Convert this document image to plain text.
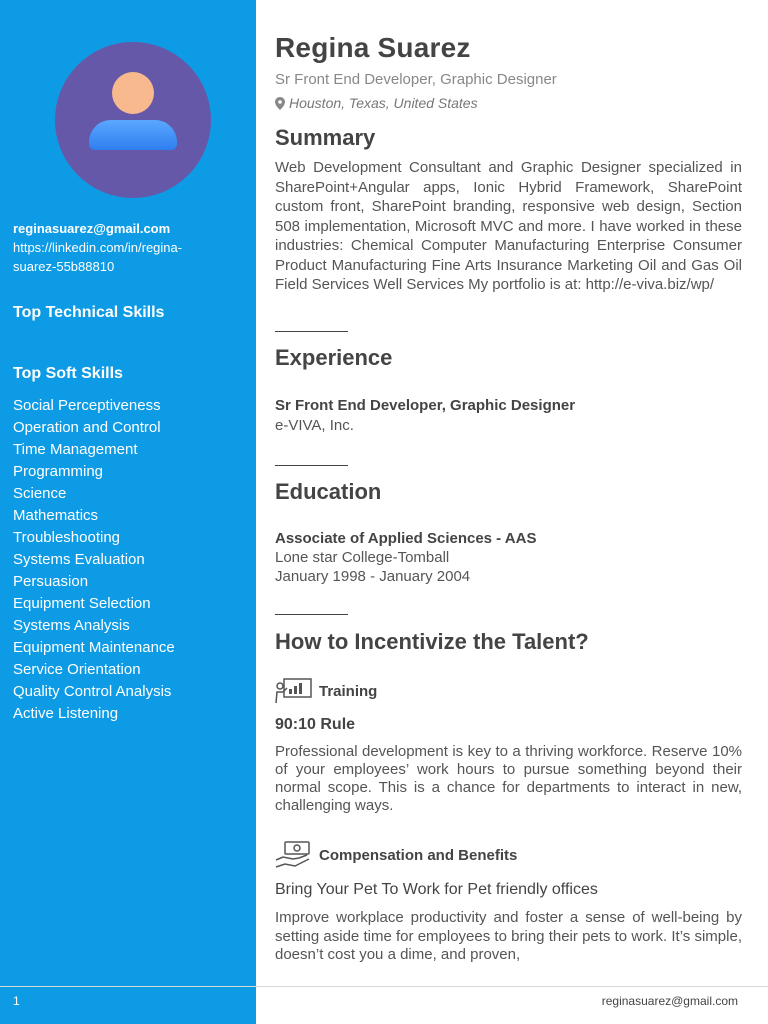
reginasuarez@gmail.com
https://linkedin.com/in/regina-
suarez-55b88810
Top Technical Skills
Top Soft Skills
Social Perceptiveness
Operation and Control
Time Management
Programming
Science
Mathematics
Troubleshooting
Systems Evaluation
Persuasion
Equipment Selection
Systems Analysis
Equipment Maintenance
Service Orientation
Quality Control Analysis
Active Listening
1
Regina Suarez
Sr Front End Developer, Graphic Designer
Houston, Texas, United States
Summary
Web Development Consultant and Graphic Designer specialized in SharePoint+Angular apps, Ionic Hybrid Framework, SharePoint custom front, SharePoint branding, responsive web design, Section 508 implementation, Microsoft MVC and more. I have worked in these industries: Chemical Computer Manufacturing Enterprise Consumer Product Manufacturing Fine Arts Insurance Marketing Oil and Gas Oil Field Services Well Services My portfolio is at: http://e-viva.biz/wp/
Experience
Sr Front End Developer, Graphic Designer
e-VIVA, Inc.
Education
Associate of Applied Sciences - AAS
Lone star College-Tomball
January 1998 - January 2004
How to Incentivize the Talent?
Training
90:10 Rule
Professional development is key to a thriving workforce. Reserve 10% of your employees’ work hours to pursue something beyond their normal scope. This is a chance for departments to interact in new, challenging ways.
Compensation and Benefits
Bring Your Pet To Work for Pet friendly offices
Improve workplace productivity and foster a sense of well-being by setting aside time for employees to bring their pets to work. It’s simple, doesn’t cost you a dime, and proven,
reginasuarez@gmail.com
